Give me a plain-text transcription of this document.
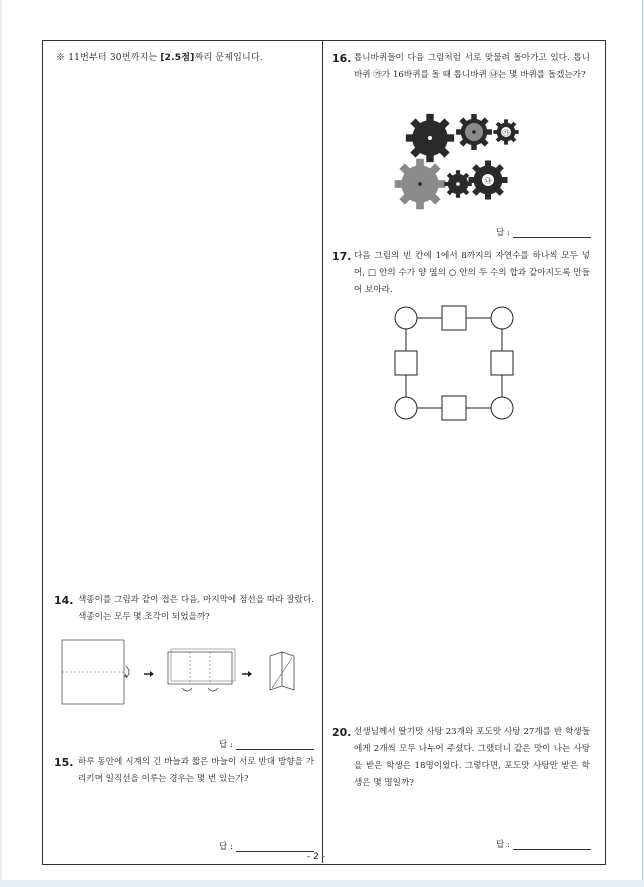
※ 11번부터 30번까지는 [2.5점]짜리 문제입니다.
14. 색종이를 그림과 같이 접은 다음, 마지막에 점선을 따라 잘랐다. 색종이는 모두 몇 조각이 되었을까?
답 :
15. 하루 동안에 시계의 긴 바늘과 짧은 바늘이 서로 반대 방향을 가리키며 일직선을 이루는 경우는 몇 번 있는가?
답 :
16. 톱니바퀴들이 다음 그림처럼 서로 맞물려 돌아가고 있다. 톱니바퀴 ㉮가 16바퀴를 돌 때 톱니바퀴 ㉯는 몇 바퀴를 돌겠는가?
㉮
㉯
답 :
17. 다음 그림의 빈 칸에 1에서 8까지의 자연수를 하나씩 모두 넣어, □ 안의 수가 양 옆의 ○ 안의 두 수의 합과 같아지도록 만들어 보아라.
20. 선생님께서 딸기맛 사탕 23개와 포도맛 사탕 27개를 반 학생들에게 2개씩 모두 나누어 주셨다. 그랬더니 같은 맛이 나는 사탕을 받은 학생은 18명이었다. 그렇다면, 포도맛 사탕만 받은 학생은 몇 명일까?
답 :
- 2 -
